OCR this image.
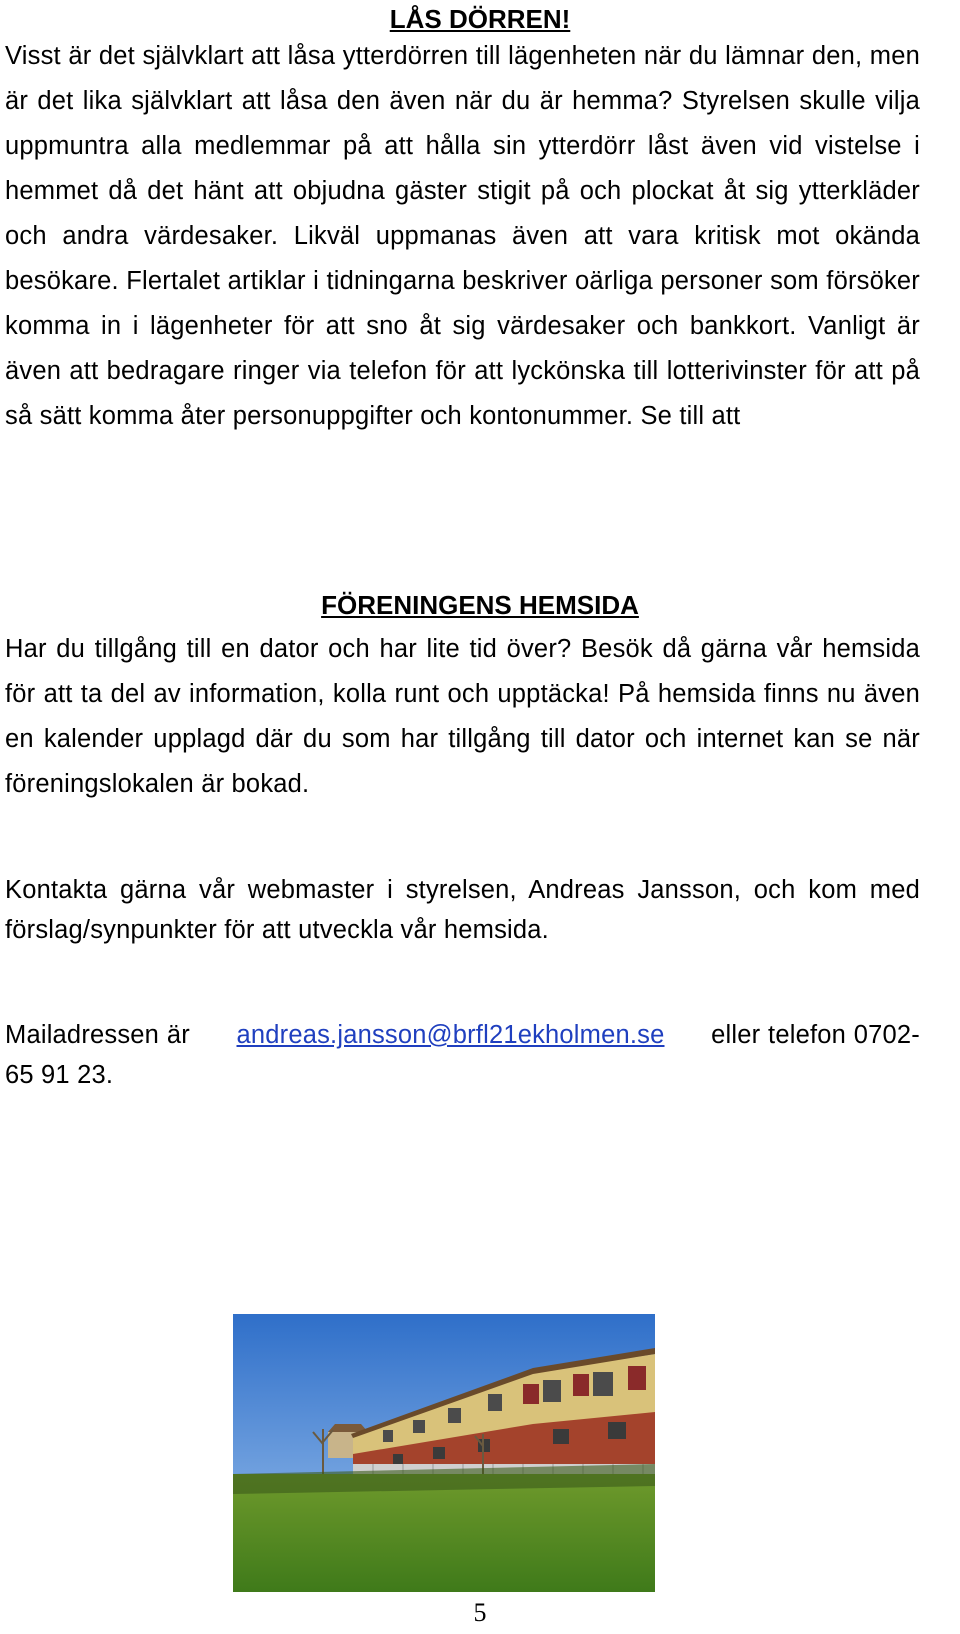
LÅS DÖRREN!

Visst är det självklart att låsa ytterdörren till lägenheten när du lämnar den, men är det lika självklart att låsa den även när du är hemma? Styrelsen skulle vilja uppmuntra alla medlemmar på att hålla sin ytterdörr låst även vid vistelse i hemmet då det hänt att objudna gäster stigit på och plockat åt sig ytterkläder och andra värdesaker. Likväl uppmanas även att vara kritisk mot okända besökare. Flertalet artiklar i tidningarna beskriver oärliga personer som försöker komma in i lägenheter för att sno åt sig värdesaker och bankkort. Vanligt är även att bedragare ringer via telefon för att lyckönska till lotterivinster för att på så sätt komma åter personuppgifter och kontonummer. Se till att

FÖRENINGENS HEMSIDA

Har du tillgång till en dator och har lite tid över? Besök då gärna vår hemsida för att ta del av information, kolla runt och upptäcka! På hemsida finns nu även en kalender upplagd där du som har tillgång till dator och internet kan se när föreningslokalen är bokad.

Kontakta gärna vår webmaster i styrelsen, Andreas Jansson, och kom med förslag/synpunkter för att utveckla vår hemsida.

Mailadressen är andreas.jansson@brfl21ekholmen.se eller telefon 0702-65 91 23.

5
